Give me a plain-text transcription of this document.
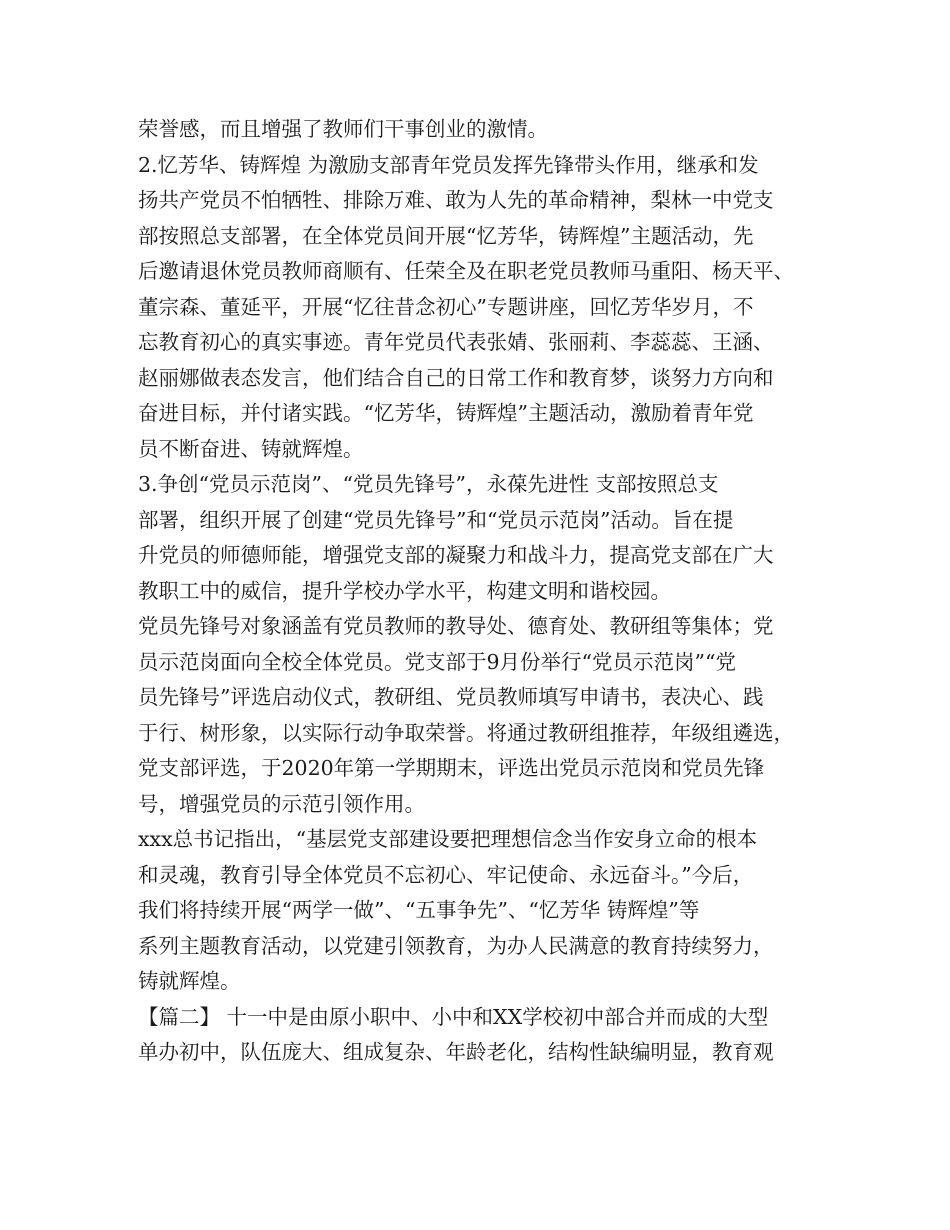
荣誉感，而且增强了教师们干事创业的激情。
2.忆芳华、铸辉煌 为激励支部青年党员发挥先锋带头作用，继承和发
扬共产党员不怕牺牲、排除万难、敢为人先的革命精神，梨林一中党支
部按照总支部署，在全体党员间开展“忆芳华，铸辉煌”主题活动，先
后邀请退休党员教师商顺有、任荣全及在职老党员教师马重阳、杨天平、
董宗森、董延平，开展“忆往昔念初心”专题讲座，回忆芳华岁月，不
忘教育初心的真实事迹。青年党员代表张婧、张丽莉、李蕊蕊、王涵、
赵丽娜做表态发言，他们结合自己的日常工作和教育梦，谈努力方向和
奋进目标，并付诸实践。“忆芳华，铸辉煌”主题活动，激励着青年党
员不断奋进、铸就辉煌。
3.争创“党员示范岗”、“党员先锋号”，永葆先进性 支部按照总支
部署，组织开展了创建“党员先锋号”和“党员示范岗”活动。旨在提
升党员的师德师能，增强党支部的凝聚力和战斗力，提高党支部在广大
教职工中的威信，提升学校办学水平，构建文明和谐校园。
党员先锋号对象涵盖有党员教师的教导处、德育处、教研组等集体；党
员示范岗面向全校全体党员。党支部于9月份举行“党员示范岗”“党
员先锋号”评选启动仪式，教研组、党员教师填写申请书，表决心、践
于行、树形象，以实际行动争取荣誉。将通过教研组推荐，年级组遴选，
党支部评选，于2020年第一学期期末，评选出党员示范岗和党员先锋
号，增强党员的示范引领作用。
xxx总书记指出，“基层党支部建设要把理想信念当作安身立命的根本
和灵魂，教育引导全体党员不忘初心、牢记使命、永远奋斗。”今后，
我们将持续开展“两学一做”、“五事争先”、“忆芳华 铸辉煌”等
系列主题教育活动，以党建引领教育，为办人民满意的教育持续努力，
铸就辉煌。
【篇二】 十一中是由原小职中、小中和XX学校初中部合并而成的大型
单办初中，队伍庞大、组成复杂、年龄老化，结构性缺编明显，教育观
